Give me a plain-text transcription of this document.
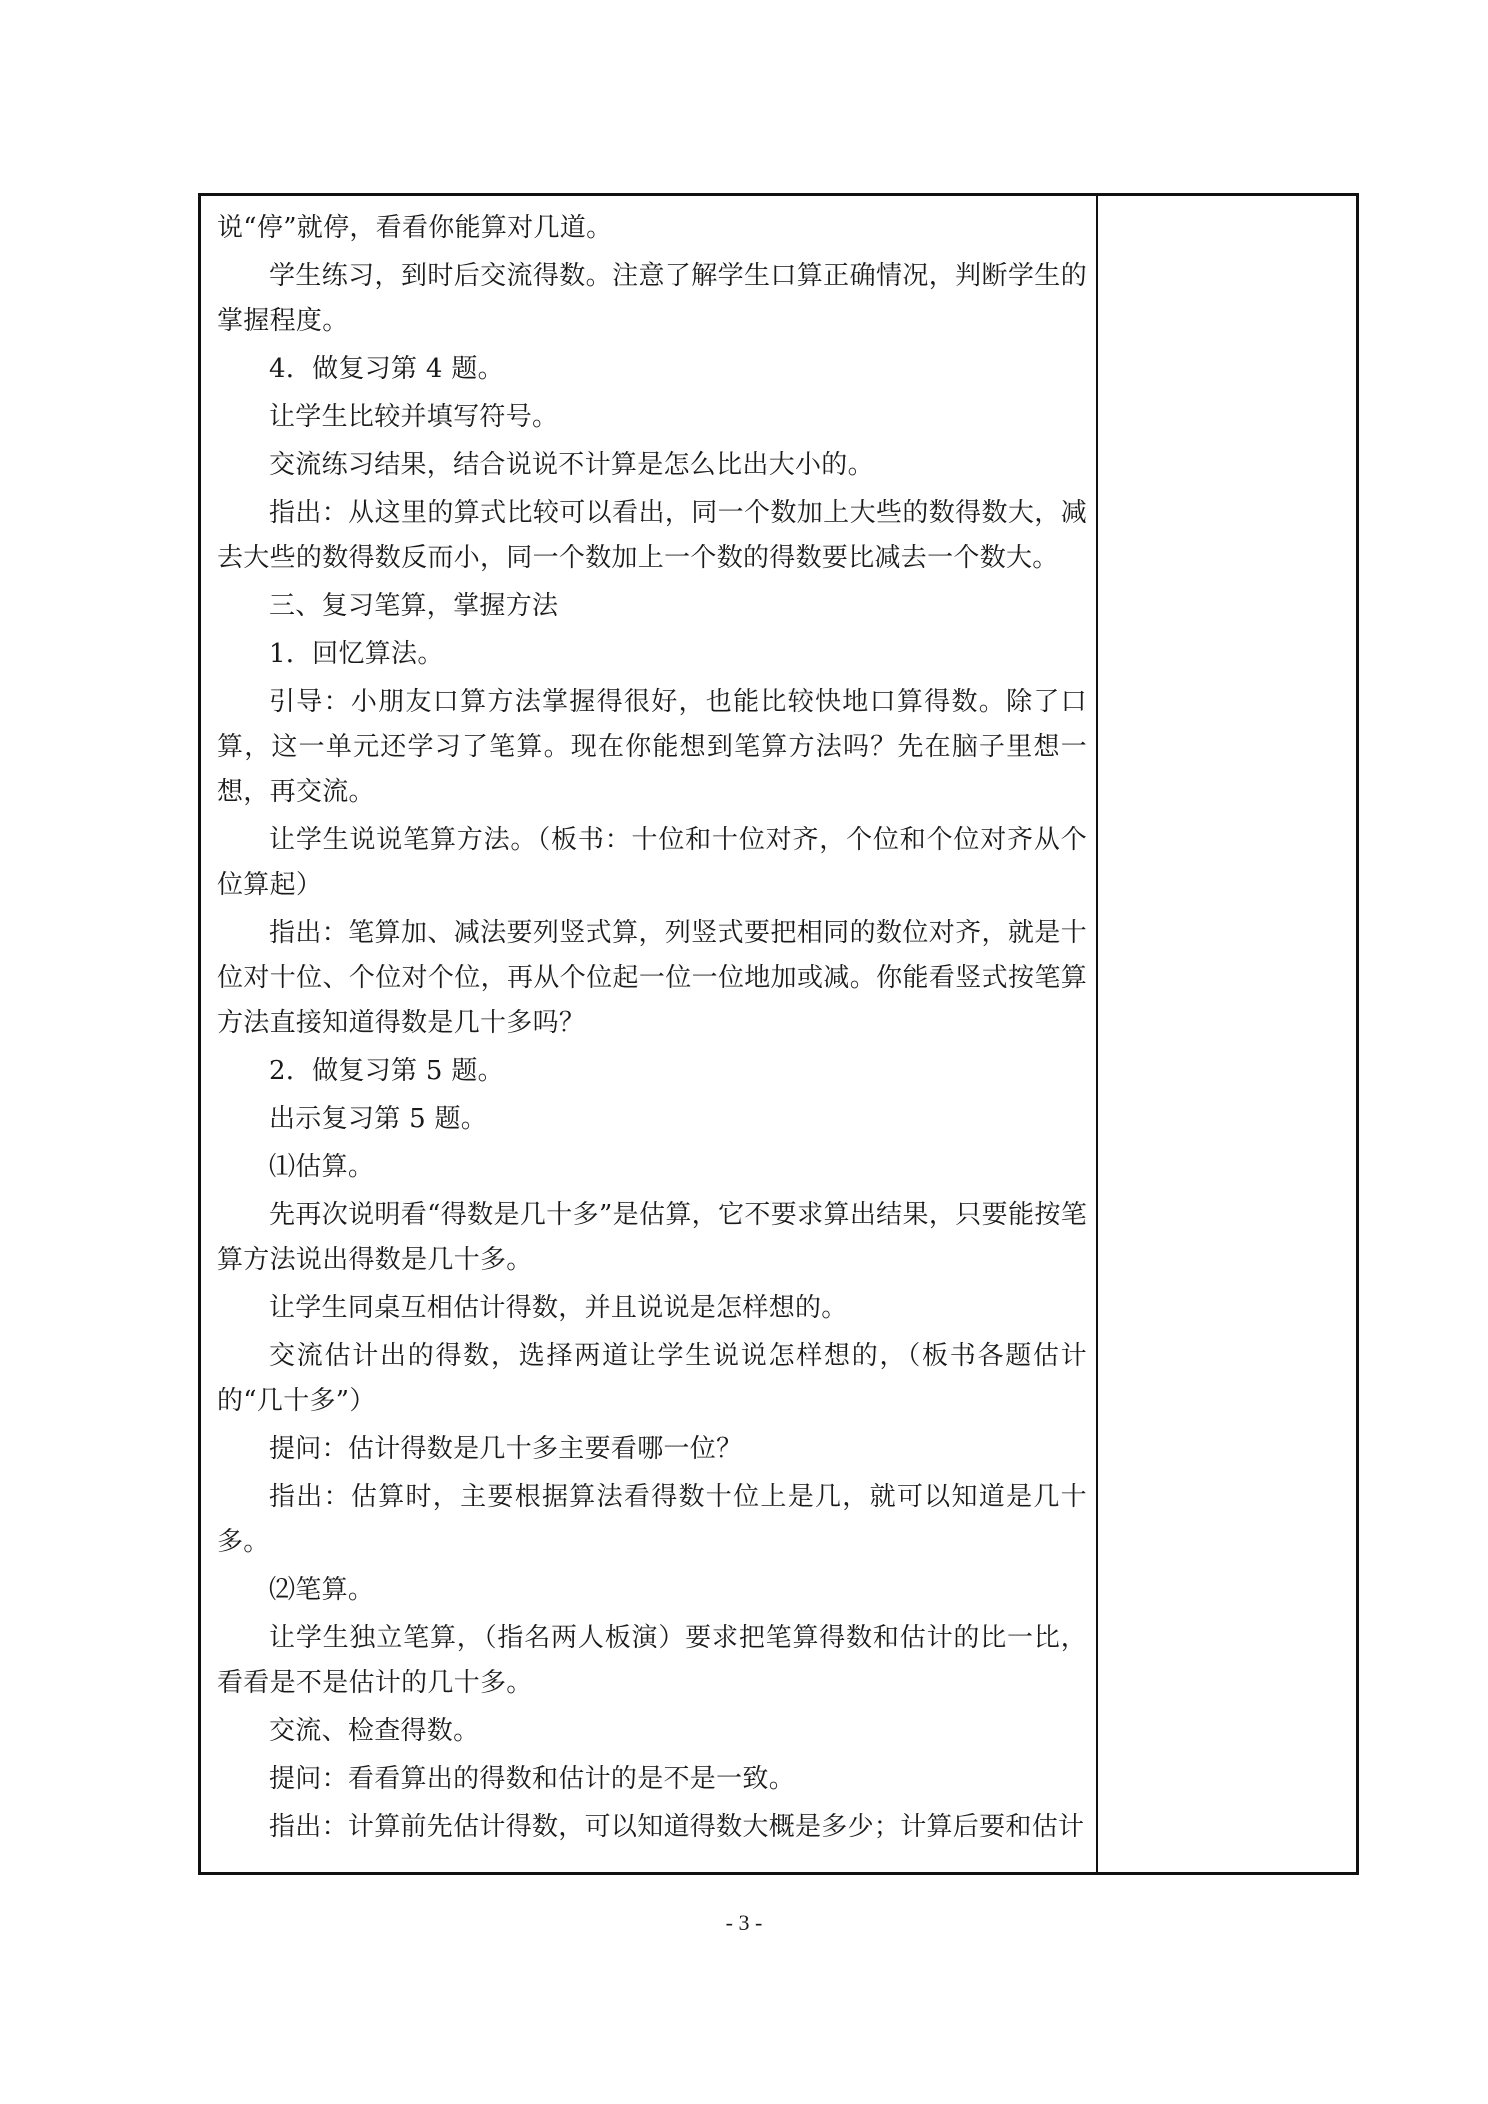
说“停”就停，看看你能算对几道。

学生练习，到时后交流得数。注意了解学生口算正确情况，判断学生的掌握程度。

4．做复习第 4 题。

让学生比较并填写符号。

交流练习结果，结合说说不计算是怎么比出大小的。

指出：从这里的算式比较可以看出，同一个数加上大些的数得数大，减去大些的数得数反而小，同一个数加上一个数的得数要比减去一个数大。

三、复习笔算，掌握方法

1．回忆算法。

引导：小朋友口算方法掌握得很好，也能比较快地口算得数。除了口算，这一单元还学习了笔算。现在你能想到笔算方法吗？先在脑子里想一想，再交流。

让学生说说笔算方法。（板书：十位和十位对齐，个位和个位对齐从个位算起）

指出：笔算加、减法要列竖式算，列竖式要把相同的数位对齐，就是十位对十位、个位对个位，再从个位起一位一位地加或减。你能看竖式按笔算方法直接知道得数是几十多吗？

2．做复习第 5 题。

出示复习第 5 题。

⑴估算。

先再次说明看“得数是几十多”是估算，它不要求算出结果，只要能按笔算方法说出得数是几十多。

让学生同桌互相估计得数，并且说说是怎样想的。

交流估计出的得数，选择两道让学生说说怎样想的，（板书各题估计的“几十多”）

提问：估计得数是几十多主要看哪一位？

指出：估算时，主要根据算法看得数十位上是几，就可以知道是几十多。

⑵笔算。

让学生独立笔算，（指名两人板演）要求把笔算得数和估计的比一比，看看是不是估计的几十多。

交流、检查得数。

提问：看看算出的得数和估计的是不是一致。

指出：计算前先估计得数，可以知道得数大概是多少；计算后要和估计

- 3 -
